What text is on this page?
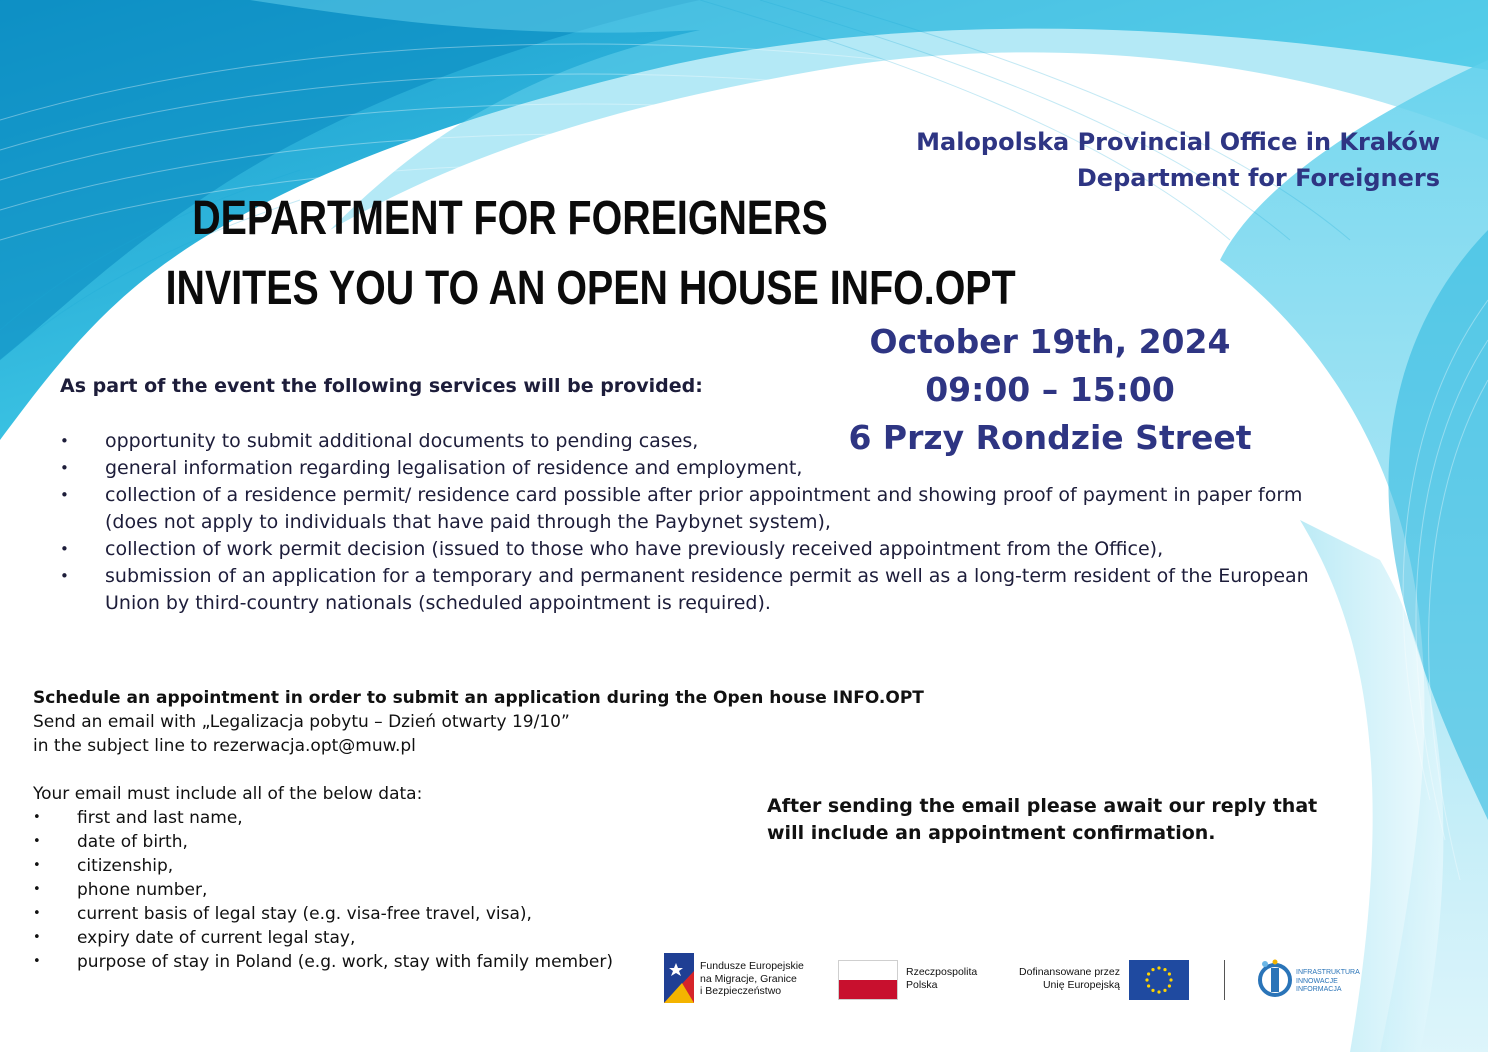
Malopolska Provincial Office in Kraków
Department for Foreigners
DEPARTMENT FOR FOREIGNERS
INVITES YOU TO AN OPEN HOUSE INFO.OPT
October 19th, 2024
09:00 – 15:00
6 Przy Rondzie Street
As part of the event the following services will be provided:
• opportunity to submit additional documents to pending cases,
• general information regarding legalisation of residence and employment,
• collection of a residence permit/ residence card possible after prior appointment and showing proof of payment in paper form (does not apply to individuals that have paid through the Paybynet system),
• collection of work permit decision (issued to those who have previously received appointment from the Office),
• submission of an application for a temporary and permanent residence permit as well as a long-term resident of the European Union by third-country nationals (scheduled appointment is required).
Schedule an appointment in order to submit an application during the Open house INFO.OPT
Send an email with „Legalizacja pobytu – Dzień otwarty 19/10”
in the subject line to rezerwacja.opt@muw.pl
Your email must include all of the below data:
• first and last name,
• date of birth,
• citizenship,
• phone number,
• current basis of legal stay (e.g. visa-free travel, visa),
• expiry date of current legal stay,
• purpose of stay in Poland (e.g. work, stay with family member)
After sending the email please await our reply that
will include an appointment confirmation.
Fundusze Europejskie
na Migracje, Granice
i Bezpieczeństwo
Rzeczpospolita
Polska
Dofinansowane przez
Unię Europejską
INFRASTRUKTURA
INNOWACJE
INFORMACJA
